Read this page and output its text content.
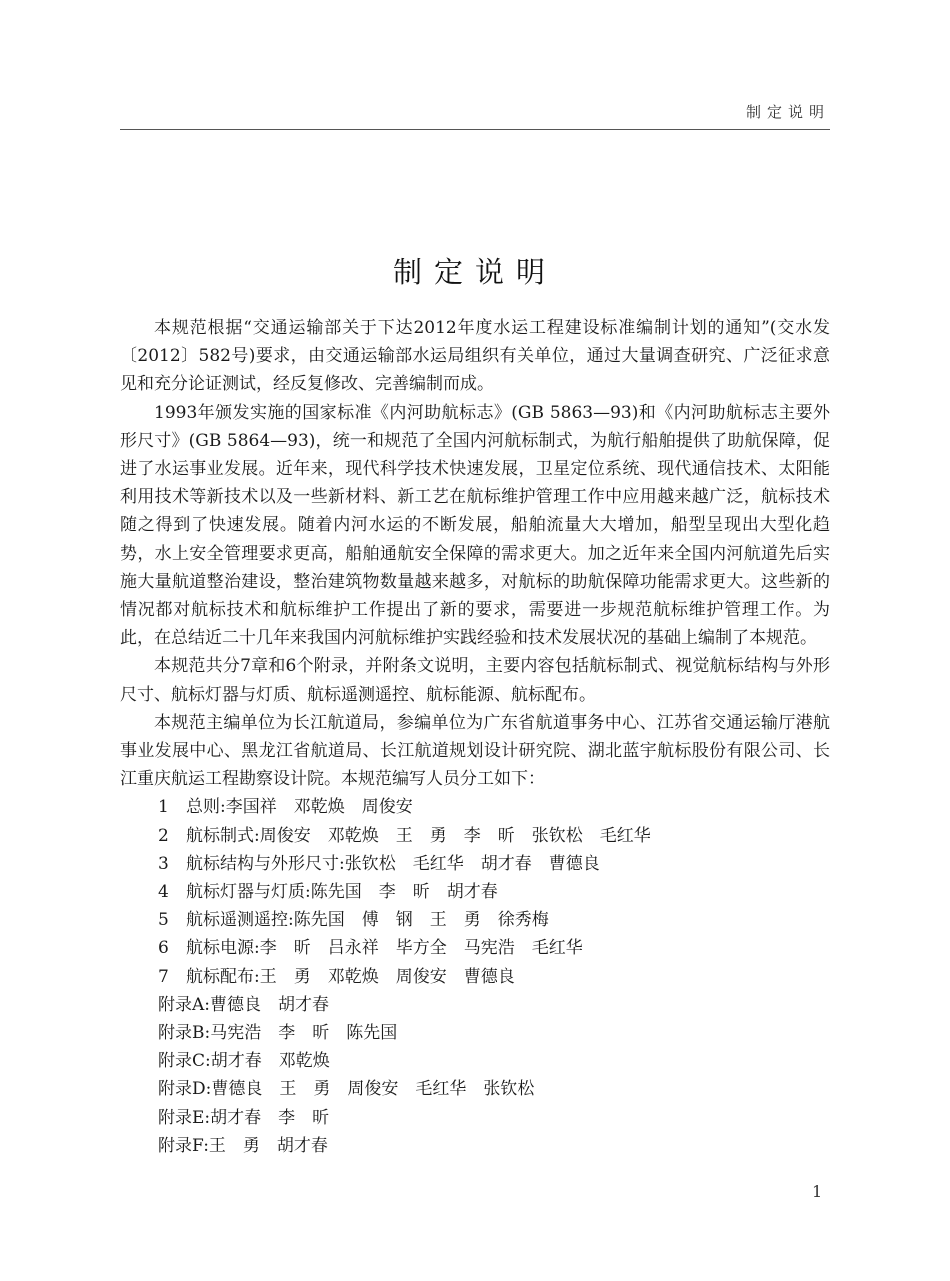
制定说明
制定说明

本规范根据“交通运输部关于下达2012年度水运工程建设标准编制计划的通知”(交水发〔2012〕582号)要求，由交通运输部水运局组织有关单位，通过大量调查研究、广泛征求意见和充分论证测试，经反复修改、完善编制而成。

1993年颁发实施的国家标准《内河助航标志》(GB 5863—93)和《内河助航标志主要外形尺寸》(GB 5864—93)，统一和规范了全国内河航标制式，为航行船舶提供了助航保障，促进了水运事业发展。近年来，现代科学技术快速发展，卫星定位系统、现代通信技术、太阳能利用技术等新技术以及一些新材料、新工艺在航标维护管理工作中应用越来越广泛，航标技术随之得到了快速发展。随着内河水运的不断发展，船舶流量大大增加，船型呈现出大型化趋势，水上安全管理要求更高，船舶通航安全保障的需求更大。加之近年来全国内河航道先后实施大量航道整治建设，整治建筑物数量越来越多，对航标的助航保障功能需求更大。这些新的情况都对航标技术和航标维护工作提出了新的要求，需要进一步规范航标维护管理工作。为此，在总结近二十几年来我国内河航标维护实践经验和技术发展状况的基础上编制了本规范。

本规范共分7章和6个附录，并附条文说明，主要内容包括航标制式、视觉航标结构与外形尺寸、航标灯器与灯质、航标遥测遥控、航标能源、航标配布。

本规范主编单位为长江航道局，参编单位为广东省航道事务中心、江苏省交通运输厅港航事业发展中心、黑龙江省航道局、长江航道规划设计研究院、湖北蓝宇航标股份有限公司、长江重庆航运工程勘察设计院。本规范编写人员分工如下：

1 总则:李国祥　邓乾焕　周俊安
2 航标制式:周俊安　邓乾焕　王　勇　李　昕　张钦松　毛红华
3 航标结构与外形尺寸:张钦松　毛红华　胡才春　曹德良
4 航标灯器与灯质:陈先国　李　昕　胡才春
5 航标遥测遥控:陈先国　傅　钢　王　勇　徐秀梅
6 航标电源:李　昕　吕永祥　毕方全　马宪浩　毛红华
7 航标配布:王　勇　邓乾焕　周俊安　曹德良
附录A:曹德良　胡才春
附录B:马宪浩　李　昕　陈先国
附录C:胡才春　邓乾焕
附录D:曹德良　王　勇　周俊安　毛红华　张钦松
附录E:胡才春　李　昕
附录F:王　勇　胡才春
1
